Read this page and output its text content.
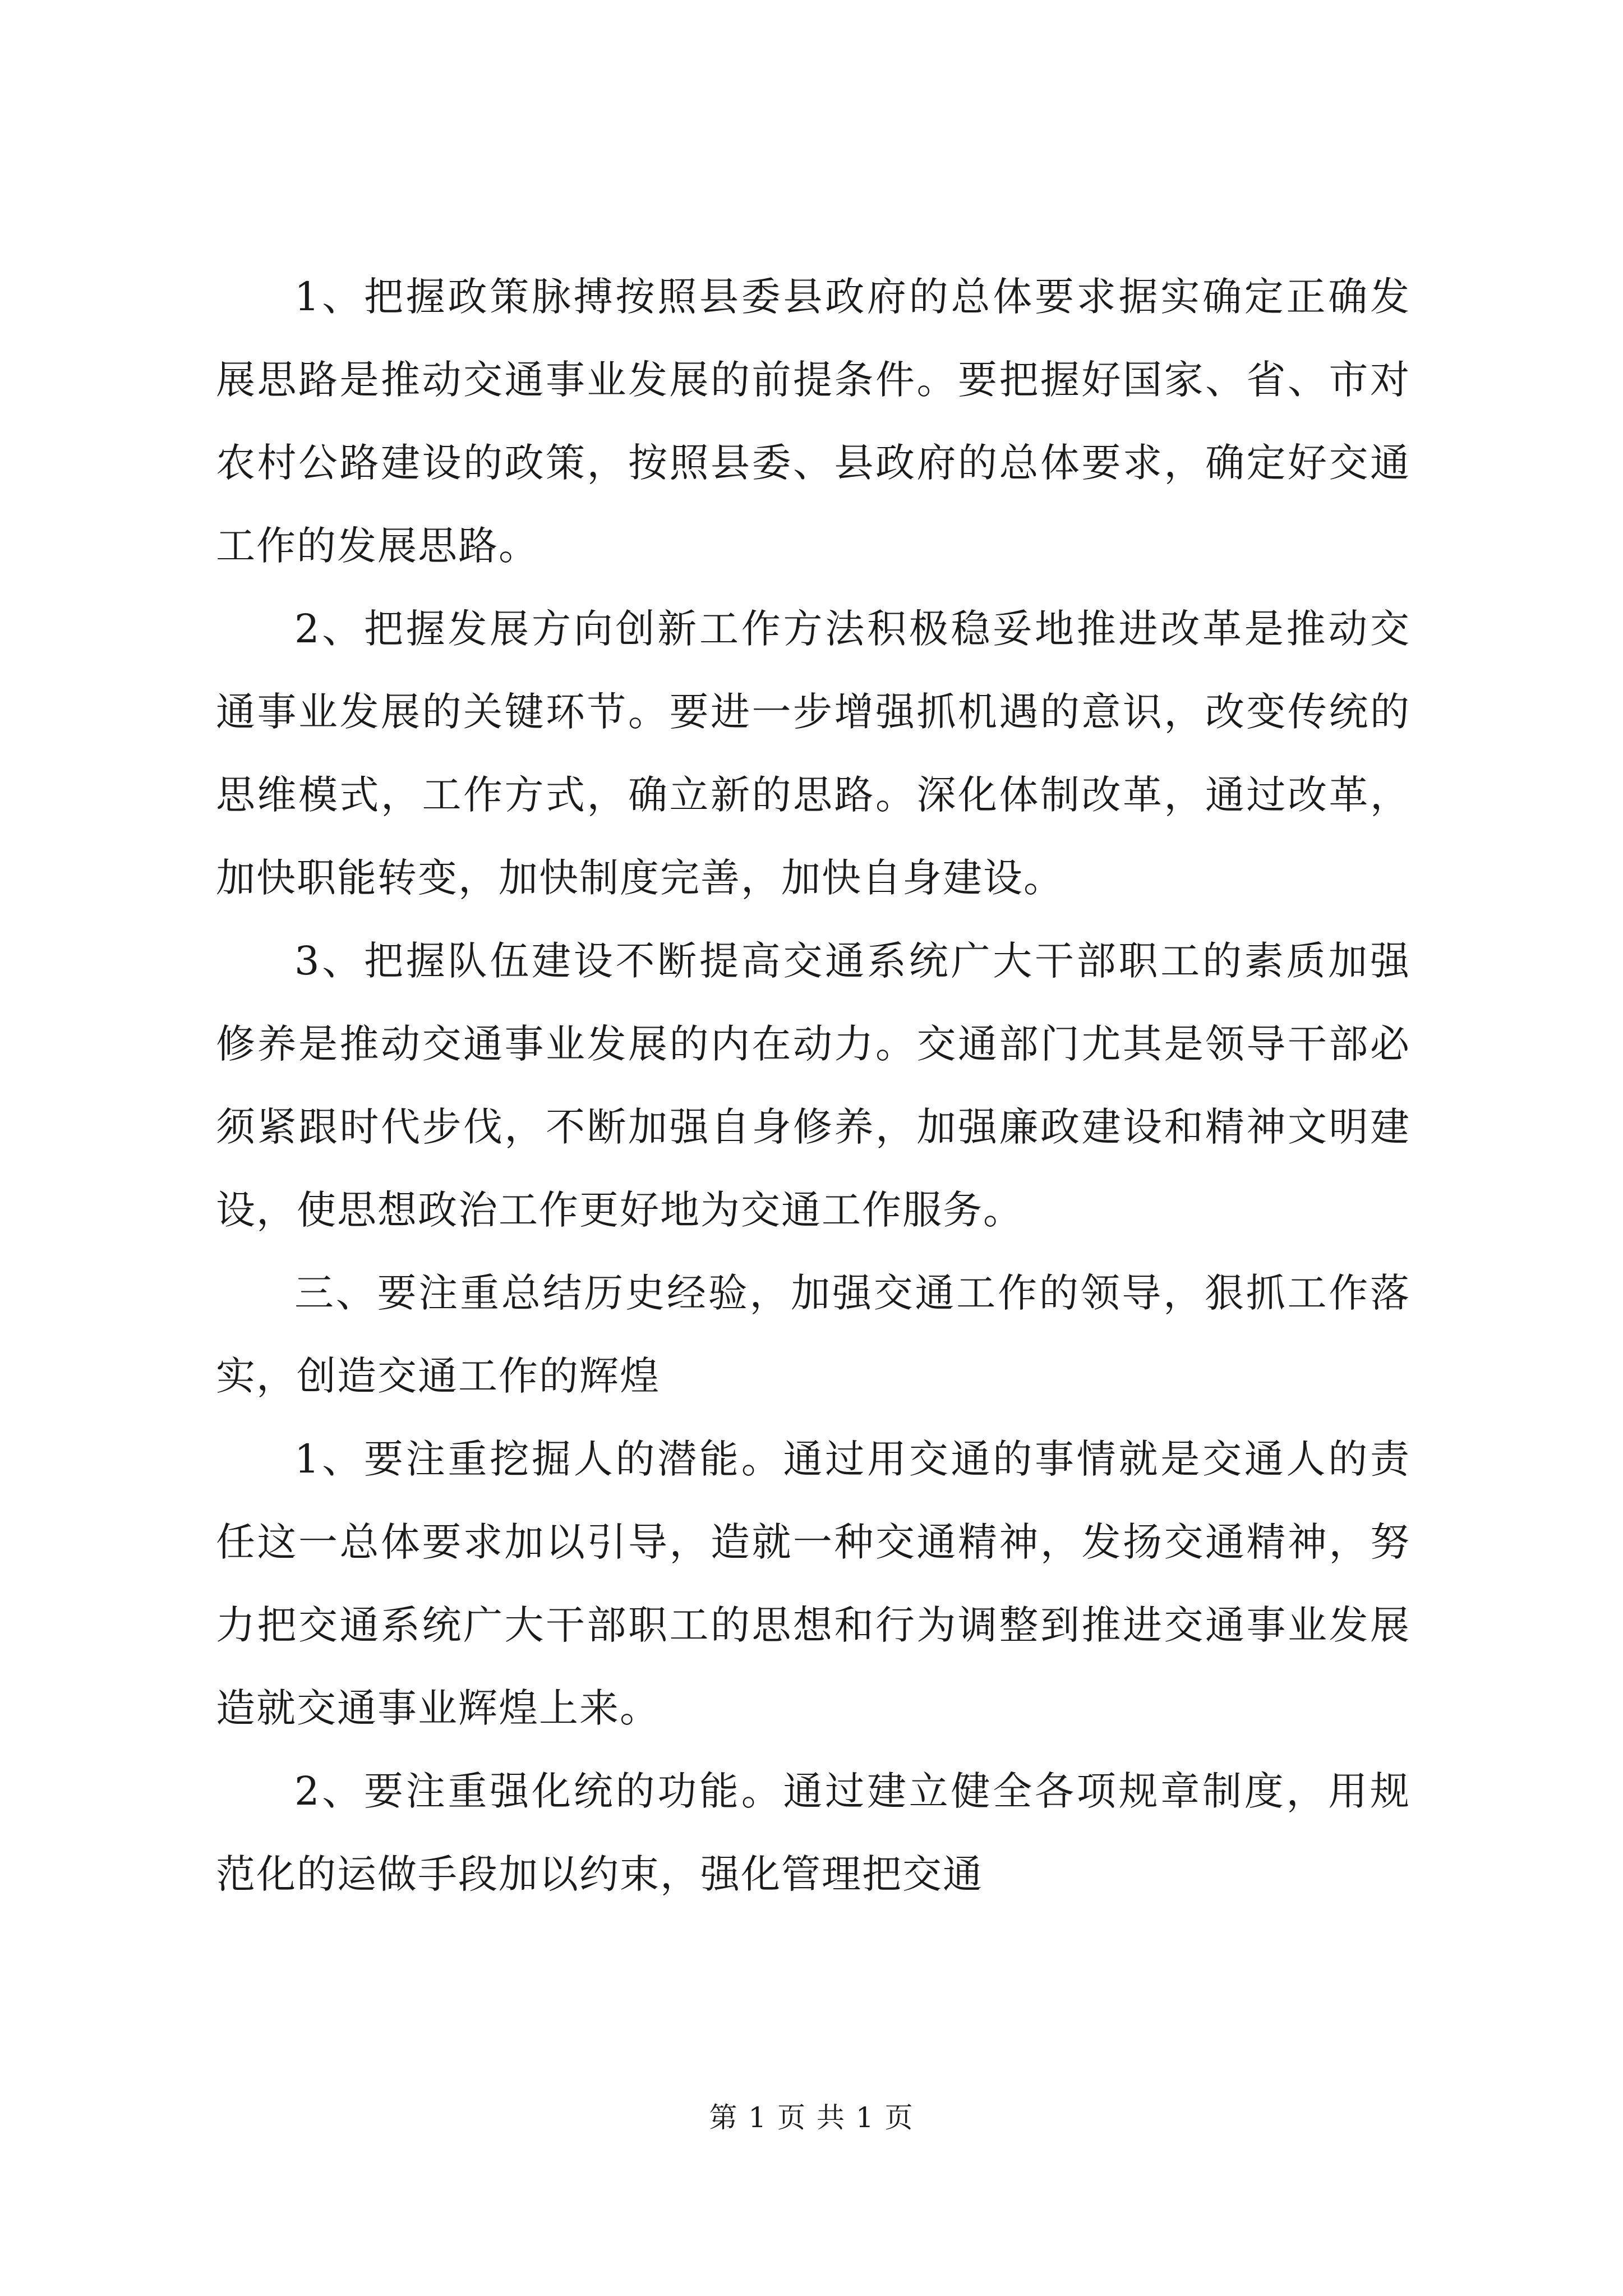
1、把握政策脉搏按照县委县政府的总体要求据实确定正确发展思路是推动交通事业发展的前提条件。要把握好国家、省、市对农村公路建设的政策，按照县委、县政府的总体要求，确定好交通工作的发展思路。

2、把握发展方向创新工作方法积极稳妥地推进改革是推动交通事业发展的关键环节。要进一步增强抓机遇的意识，改变传统的思维模式，工作方式，确立新的思路。深化体制改革，通过改革，加快职能转变，加快制度完善，加快自身建设。

3、把握队伍建设不断提高交通系统广大干部职工的素质加强修养是推动交通事业发展的内在动力。交通部门尤其是领导干部必须紧跟时代步伐，不断加强自身修养，加强廉政建设和精神文明建设，使思想政治工作更好地为交通工作服务。

三、要注重总结历史经验，加强交通工作的领导，狠抓工作落实，创造交通工作的辉煌

1、要注重挖掘人的潜能。通过用交通的事情就是交通人的责任这一总体要求加以引导，造就一种交通精神，发扬交通精神，努力把交通系统广大干部职工的思想和行为调整到推进交通事业发展造就交通事业辉煌上来。

2、要注重强化统的功能。通过建立健全各项规章制度，用规范化的运做手段加以约束，强化管理把交通

第 1 页 共 1 页
